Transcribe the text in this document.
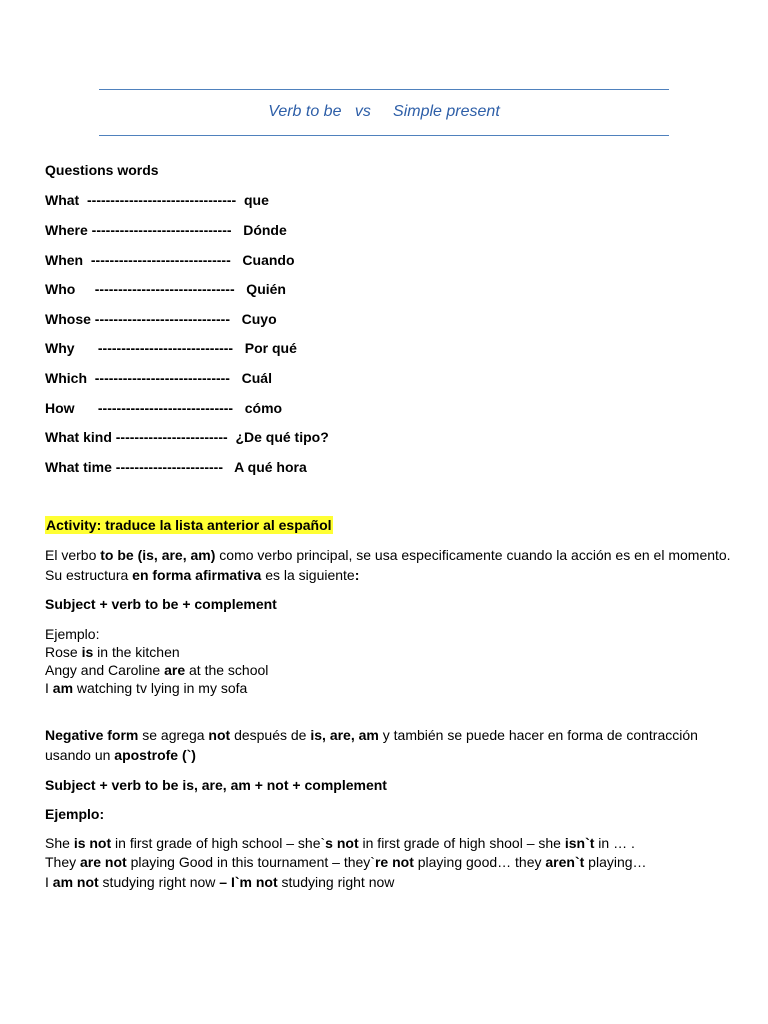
Verb to be vs Simple present
Questions words
What  --------------------------------  que
Where ------------------------------   Dónde
When  ------------------------------   Cuando
Who     ------------------------------   Quién
Whose -----------------------------   Cuyo
Why      -----------------------------   Por qué
Which  -----------------------------   Cuál
How      -----------------------------   cómo
What kind ------------------------  ¿De qué tipo?
What time -----------------------   A qué hora
Activity: traduce la lista anterior al español
El verbo to be (is, are, am) como verbo principal, se usa especificamente cuando la acción es en el momento. Su estructura en forma afirmativa es la siguiente:
Subject + verb to be + complement
Ejemplo:
Rose is in the kitchen
Angy and Caroline are at the school
I am watching tv lying in my sofa
Negative form se agrega not después de is, are, am y también se puede hacer en forma de contracción usando un apostrofe (`)
Subject + verb to be is, are, am + not + complement
Ejemplo:
She is not in first grade of high school – she`s not in first grade of high shool – she isn`t in … .
They are not playing Good in this tournament – they`re not playing good… they aren`t playing…
I am not studying right now – I`m not studying right now
